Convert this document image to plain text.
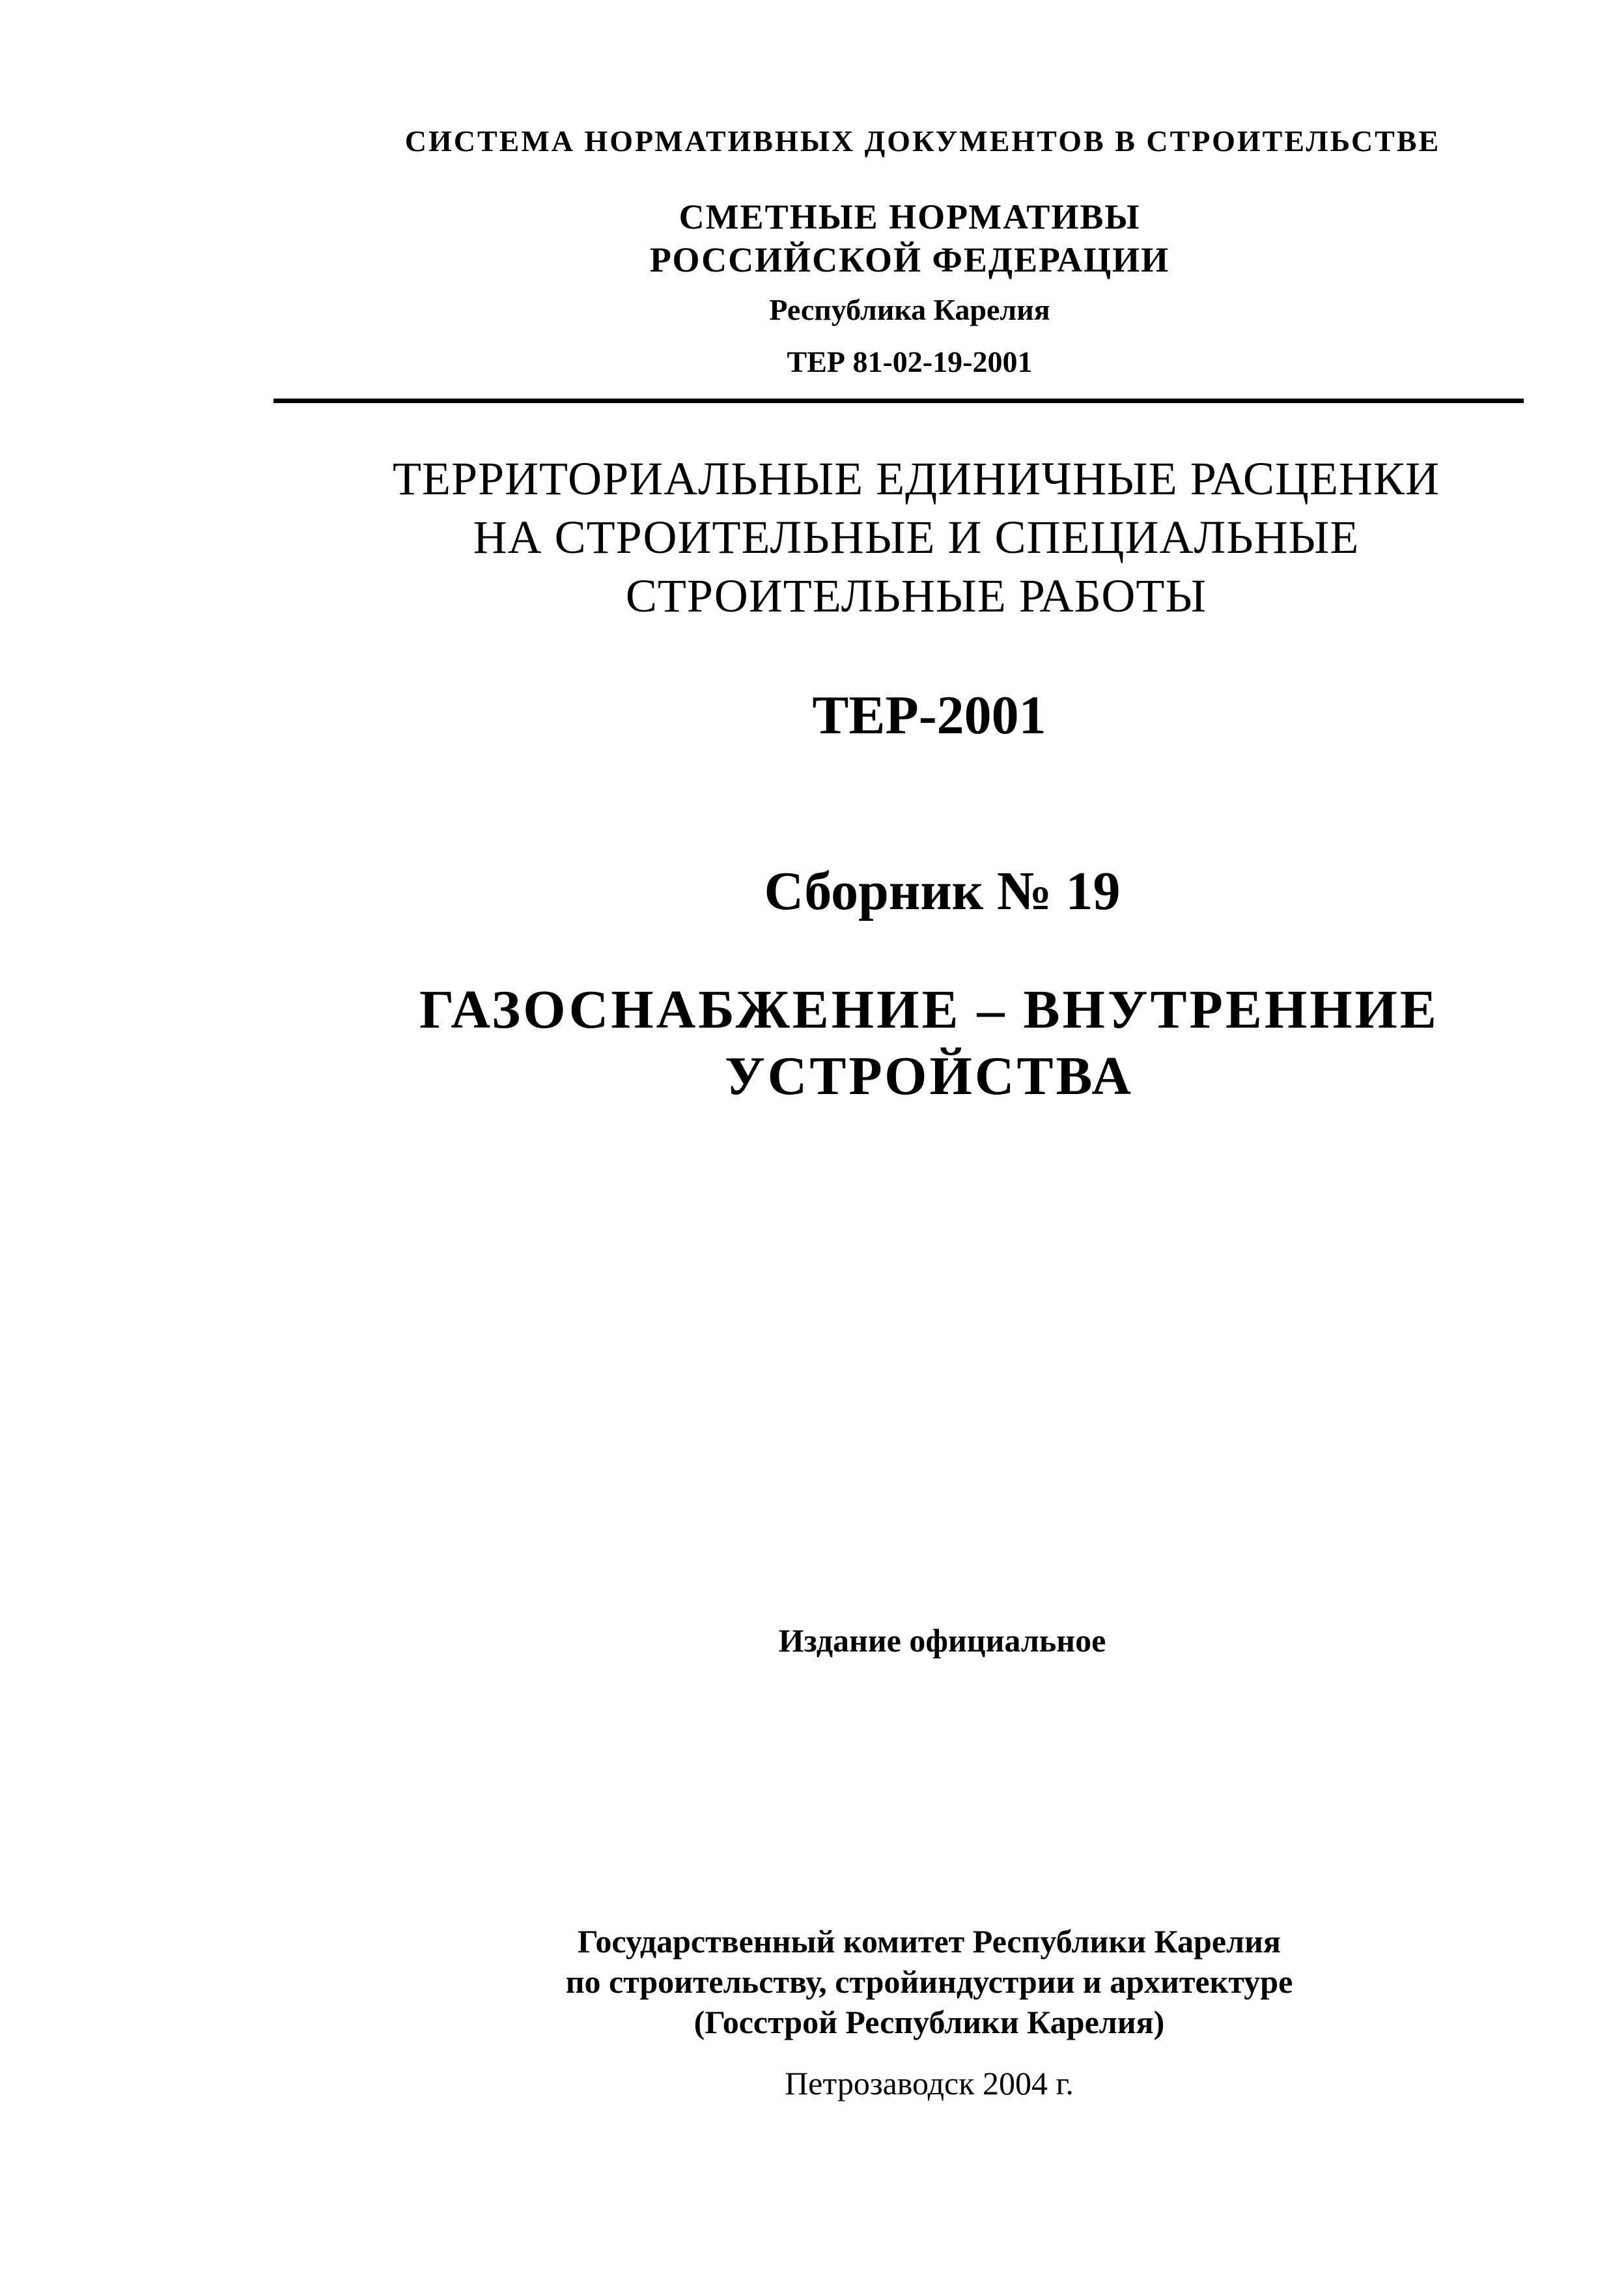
СИСТЕМА НОРМАТИВНЫХ ДОКУМЕНТОВ В СТРОИТЕЛЬСТВЕ
СМЕТНЫЕ НОРМАТИВЫ
РОССИЙСКОЙ ФЕДЕРАЦИИ
Республика Карелия
ТЕР 81-02-19-2001
ТЕРРИТОРИАЛЬНЫЕ ЕДИНИЧНЫЕ РАСЦЕНКИ
НА СТРОИТЕЛЬНЫЕ И СПЕЦИАЛЬНЫЕ
СТРОИТЕЛЬНЫЕ РАБОТЫ
ТЕР-2001
Сборник № 19
ГАЗОСНАБЖЕНИЕ – ВНУТРЕННИЕ
УСТРОЙСТВА
Издание официальное
Государственный комитет Республики Карелия
по строительству, стройиндустрии и архитектуре
(Госстрой Республики Карелия)
Петрозаводск 2004 г.
